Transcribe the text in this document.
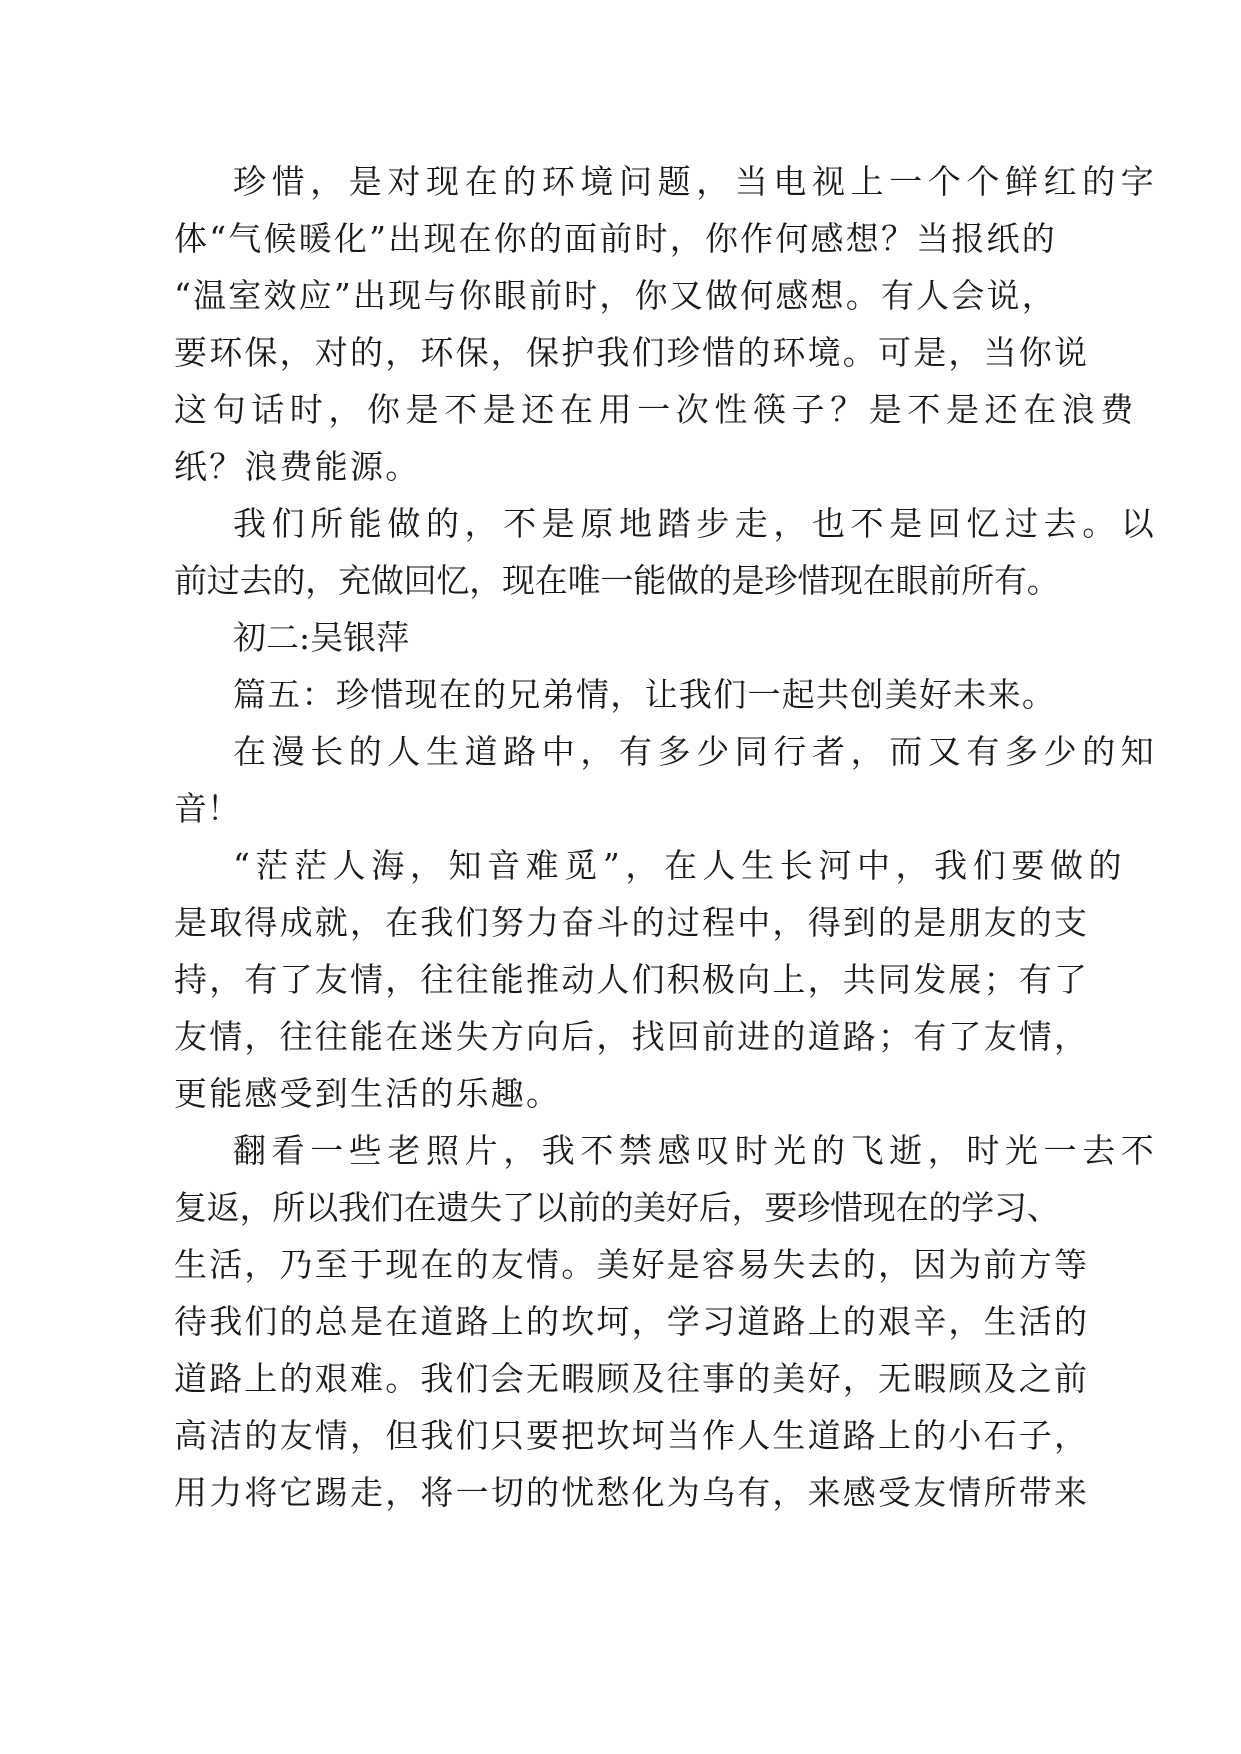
珍惜，是对现在的环境问题，当电视上一个个鲜红的字
体“气候暖化”出现在你的面前时，你作何感想？当报纸的
“温室效应”出现与你眼前时，你又做何感想。有人会说，
要环保，对的，环保，保护我们珍惜的环境。可是，当你说
这句话时，你是不是还在用一次性筷子？是不是还在浪费
纸？浪费能源。
我们所能做的，不是原地踏步走，也不是回忆过去。以
前过去的，充做回忆，现在唯一能做的是珍惜现在眼前所有。
初二:吴银萍
篇五：珍惜现在的兄弟情，让我们一起共创美好未来。
在漫长的人生道路中，有多少同行者，而又有多少的知
音！
“茫茫人海，知音难觅”，在人生长河中，我们要做的
是取得成就，在我们努力奋斗的过程中，得到的是朋友的支
持，有了友情，往往能推动人们积极向上，共同发展；有了
友情，往往能在迷失方向后，找回前进的道路；有了友情，
更能感受到生活的乐趣。
翻看一些老照片，我不禁感叹时光的飞逝，时光一去不
复返，所以我们在遗失了以前的美好后，要珍惜现在的学习、
生活，乃至于现在的友情。美好是容易失去的，因为前方等
待我们的总是在道路上的坎坷，学习道路上的艰辛，生活的
道路上的艰难。我们会无暇顾及往事的美好，无暇顾及之前
高洁的友情，但我们只要把坎坷当作人生道路上的小石子，
用力将它踢走，将一切的忧愁化为乌有，来感受友情所带来
